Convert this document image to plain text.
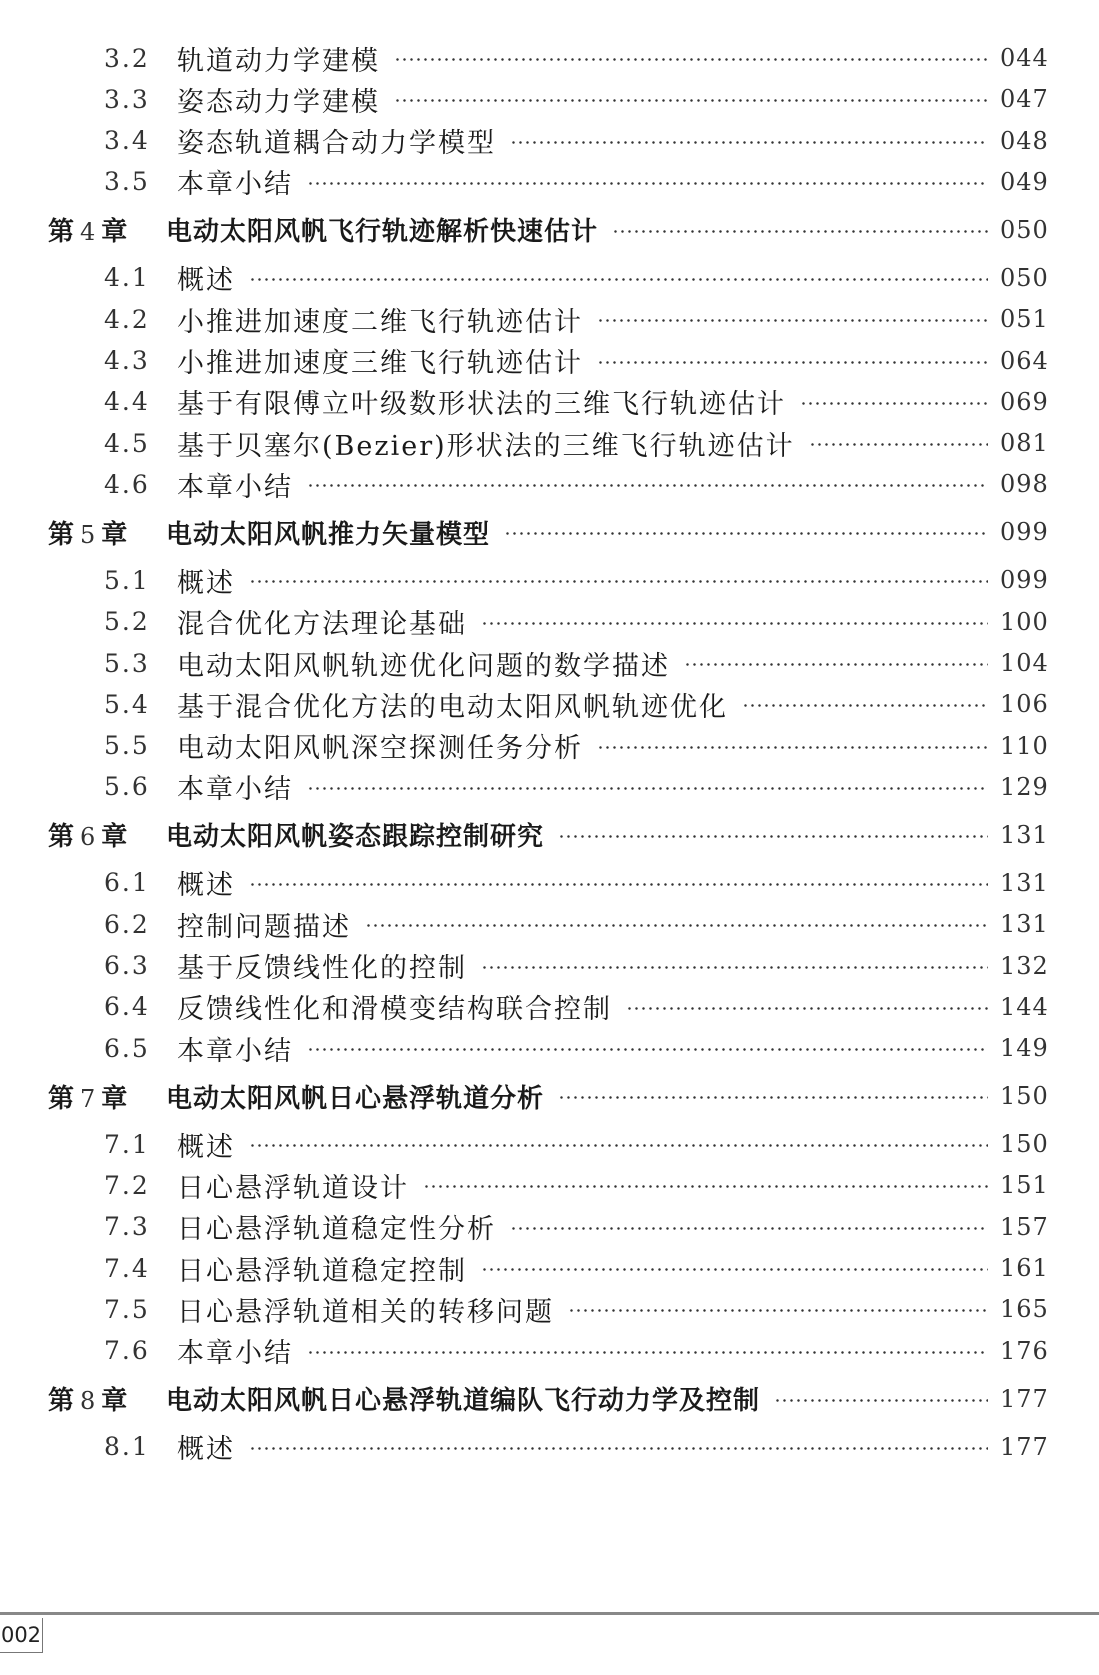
3.2	轨道动力学建模	044
3.3	姿态动力学建模	047
3.4	姿态轨道耦合动力学模型	048
3.5	本章小结	049
第 4 章	电动太阳风帆飞行轨迹解析快速估计	050
4.1	概述	050
4.2	小推进加速度二维飞行轨迹估计	051
4.3	小推进加速度三维飞行轨迹估计	064
4.4	基于有限傅立叶级数形状法的三维飞行轨迹估计	069
4.5	基于贝塞尔(Bezier)形状法的三维飞行轨迹估计	081
4.6	本章小结	098
第 5 章	电动太阳风帆推力矢量模型	099
5.1	概述	099
5.2	混合优化方法理论基础	100
5.3	电动太阳风帆轨迹优化问题的数学描述	104
5.4	基于混合优化方法的电动太阳风帆轨迹优化	106
5.5	电动太阳风帆深空探测任务分析	110
5.6	本章小结	129
第 6 章	电动太阳风帆姿态跟踪控制研究	131
6.1	概述	131
6.2	控制问题描述	131
6.3	基于反馈线性化的控制	132
6.4	反馈线性化和滑模变结构联合控制	144
6.5	本章小结	149
第 7 章	电动太阳风帆日心悬浮轨道分析	150
7.1	概述	150
7.2	日心悬浮轨道设计	151
7.3	日心悬浮轨道稳定性分析	157
7.4	日心悬浮轨道稳定控制	161
7.5	日心悬浮轨道相关的转移问题	165
7.6	本章小结	176
第 8 章	电动太阳风帆日心悬浮轨道编队飞行动力学及控制	177
8.1	概述	177
002
